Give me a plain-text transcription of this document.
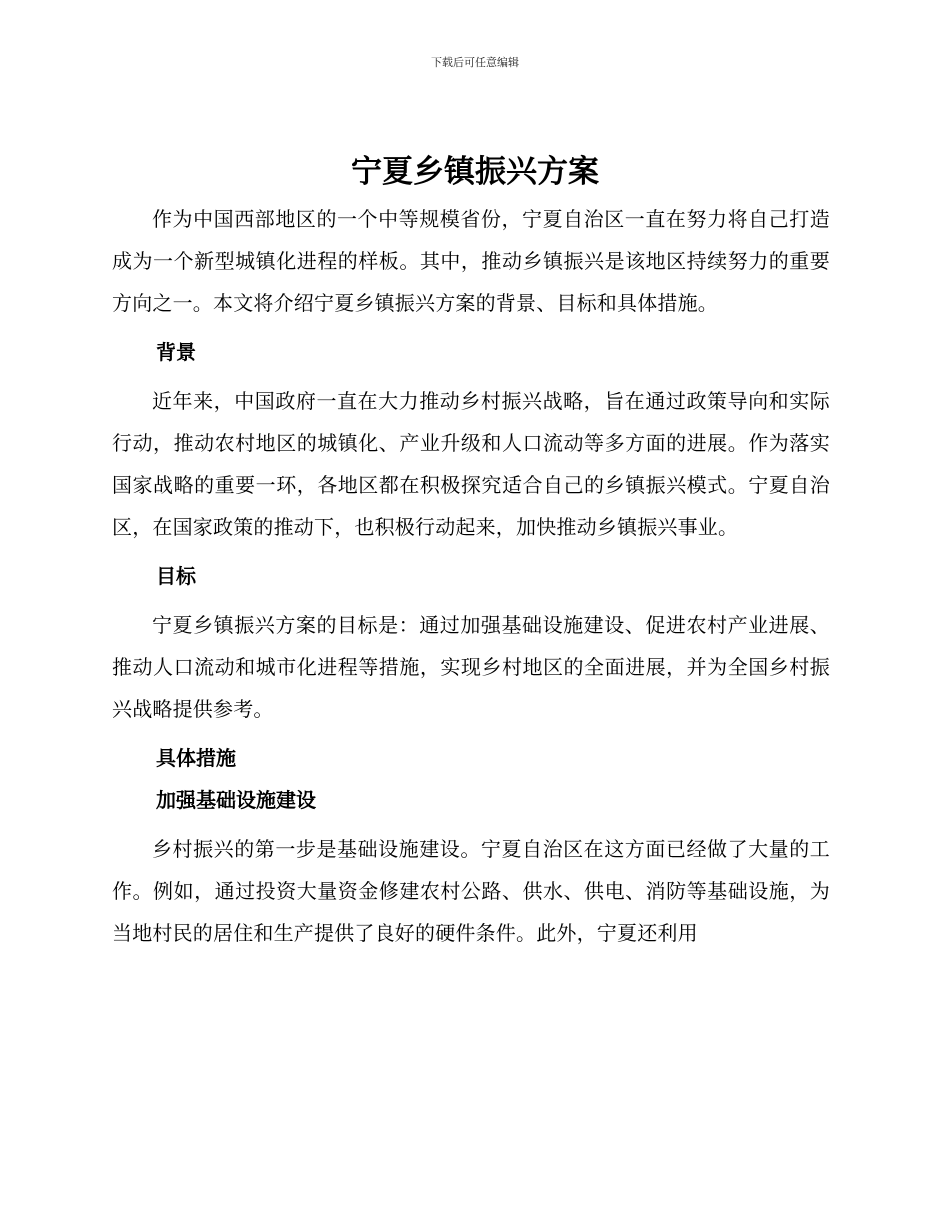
下载后可任意编辑
宁夏乡镇振兴方案

作为中国西部地区的一个中等规模省份，宁夏自治区一直在努力将自己打造成为一个新型城镇化进程的样板。其中，推动乡镇振兴是该地区持续努力的重要方向之一。本文将介绍宁夏乡镇振兴方案的背景、目标和具体措施。

背景

近年来，中国政府一直在大力推动乡村振兴战略，旨在通过政策导向和实际行动，推动农村地区的城镇化、产业升级和人口流动等多方面的进展。作为落实国家战略的重要一环，各地区都在积极探究适合自己的乡镇振兴模式。宁夏自治区，在国家政策的推动下，也积极行动起来，加快推动乡镇振兴事业。

目标

宁夏乡镇振兴方案的目标是：通过加强基础设施建设、促进农村产业进展、推动人口流动和城市化进程等措施，实现乡村地区的全面进展，并为全国乡村振兴战略提供参考。

具体措施

加强基础设施建设

乡村振兴的第一步是基础设施建设。宁夏自治区在这方面已经做了大量的工作。例如，通过投资大量资金修建农村公路、供水、供电、消防等基础设施，为当地村民的居住和生产提供了良好的硬件条件。此外，宁夏还利用
